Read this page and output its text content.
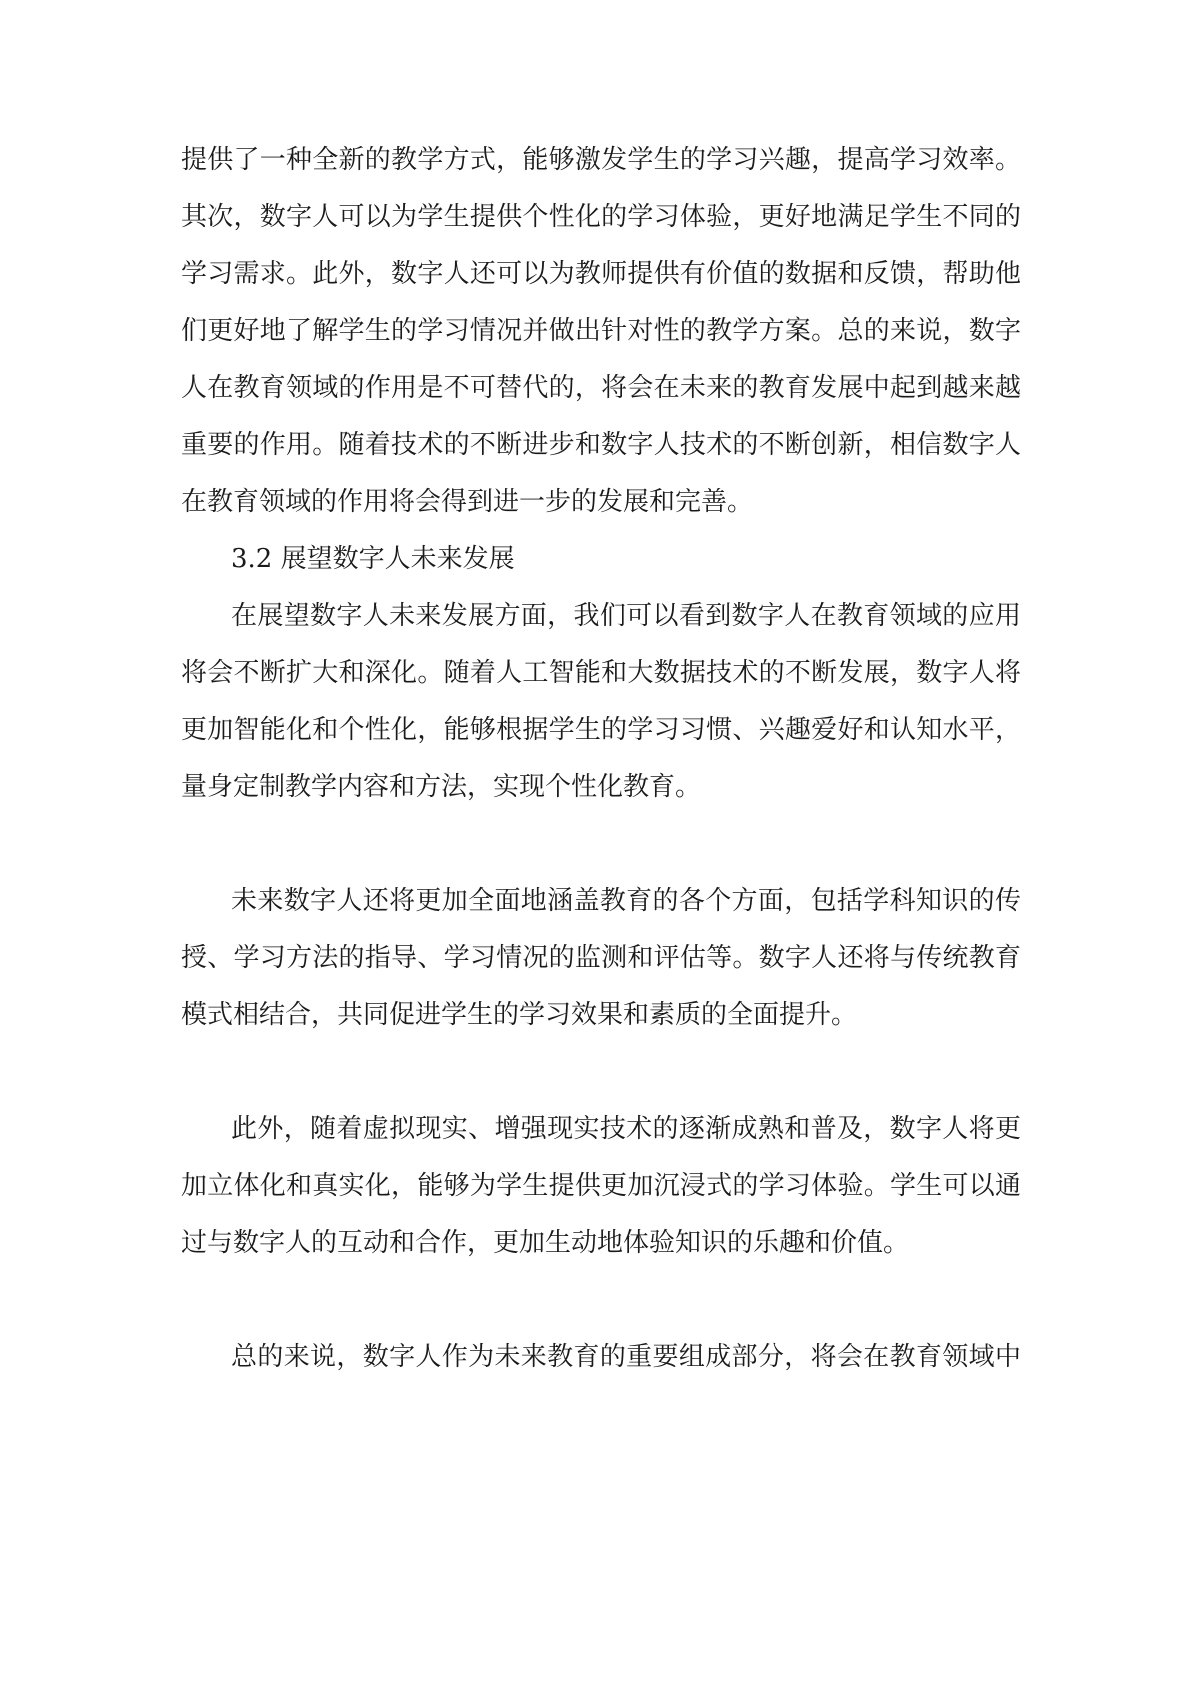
提供了一种全新的教学方式，能够激发学生的学习兴趣，提高学习效率。
其次，数字人可以为学生提供个性化的学习体验，更好地满足学生不同的
学习需求。此外，数字人还可以为教师提供有价值的数据和反馈，帮助他
们更好地了解学生的学习情况并做出针对性的教学方案。总的来说，数字
人在教育领域的作用是不可替代的，将会在未来的教育发展中起到越来越
重要的作用。随着技术的不断进步和数字人技术的不断创新，相信数字人
在教育领域的作用将会得到进一步的发展和完善。
3.2 展望数字人未来发展
在展望数字人未来发展方面，我们可以看到数字人在教育领域的应用
将会不断扩大和深化。随着人工智能和大数据技术的不断发展，数字人将
更加智能化和个性化，能够根据学生的学习习惯、兴趣爱好和认知水平，
量身定制教学内容和方法，实现个性化教育。
未来数字人还将更加全面地涵盖教育的各个方面，包括学科知识的传
授、学习方法的指导、学习情况的监测和评估等。数字人还将与传统教育
模式相结合，共同促进学生的学习效果和素质的全面提升。
此外，随着虚拟现实、增强现实技术的逐渐成熟和普及，数字人将更
加立体化和真实化，能够为学生提供更加沉浸式的学习体验。学生可以通
过与数字人的互动和合作，更加生动地体验知识的乐趣和价值。
总的来说，数字人作为未来教育的重要组成部分，将会在教育领域中
